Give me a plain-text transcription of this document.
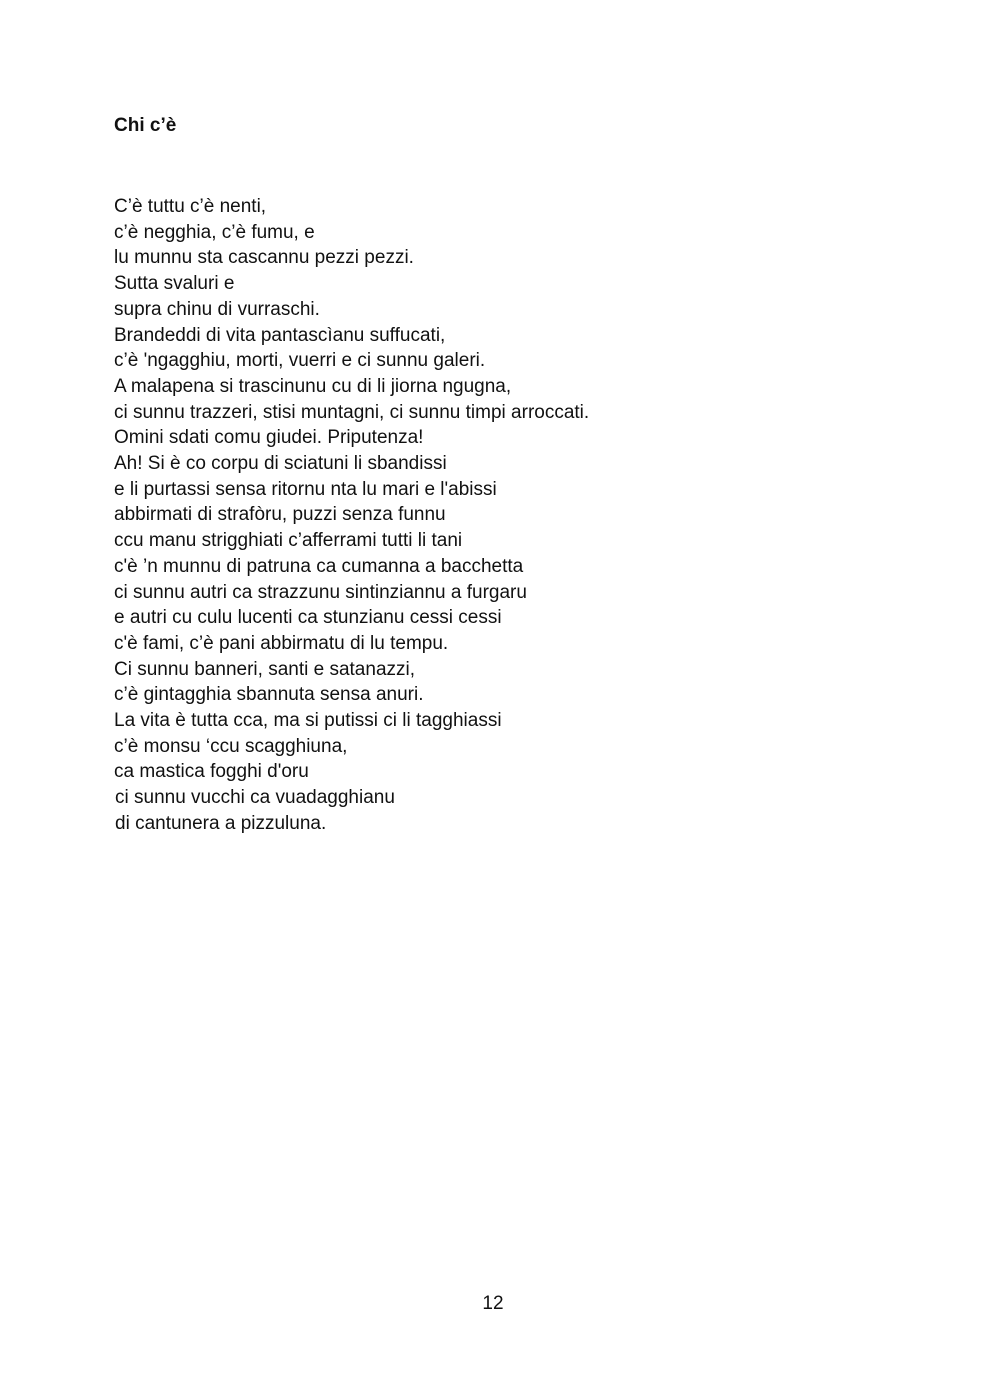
Chi c’è
C’è tuttu c’è nenti,
c’è negghia, c’è fumu, e
lu munnu sta cascannu pezzi pezzi.
Sutta svaluri e
supra chinu di vurraschi.
Brandeddi di vita pantascìanu suffucati,
c’è 'ngagghiu, morti, vuerri e ci sunnu galeri.
A malapena si trascinunu cu di li jiorna ngugna,
ci sunnu trazzeri, stisi muntagni, ci sunnu timpi arroccati.
Omini sdati comu giudei. Priputenza!
Ah! Si è co corpu di sciatuni li sbandissi
e li purtassi sensa ritornu nta lu mari e l'abissi
abbirmati di strafòru, puzzi senza funnu
ccu manu strigghiati c’afferrami tutti li tani
c'è ’n munnu di patruna ca cumanna a bacchetta
ci sunnu autri ca strazzunu sintinziannu a furgaru
e autri cu culu lucenti ca stunzianu cessi cessi
c'è fami, c’è pani abbirmatu di lu tempu.
Ci sunnu banneri, santi e satanazzi,
c’è gintagghia sbannuta sensa anuri.
La vita è tutta cca, ma si putissi ci li tagghiassi
c’è monsu ‘ccu scagghiuna,
ca mastica fogghi d'oru
ci sunnu vucchi ca vuadagghianu
di cantunera a pizzuluna.
12
